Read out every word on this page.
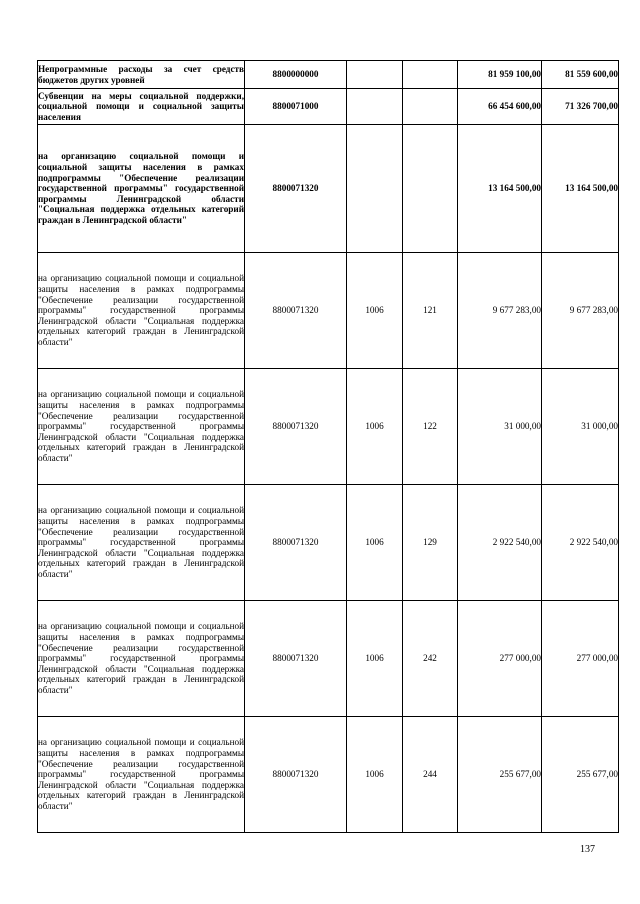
Непрограммные расходы за счет средств бюджетов других уровней	8800000000			81 959 100,00	81 559 600,00

Субвенции на меры социальной поддержки, социальной помощи и социальной защиты населения	8800071000			66 454 600,00	71 326 700,00

на организацию социальной помощи и социальной защиты населения в рамках подпрограммы "Обеспечение реализации государственной программы" государственной программы Ленинградской области "Социальная поддержка отдельных категорий граждан в Ленинградской области"	8800071320			13 164 500,00	13 164 500,00

на организацию социальной помощи и социальной защиты населения в рамках подпрограммы "Обеспечение реализации государственной программы" государственной программы Ленинградской области "Социальная поддержка отдельных категорий граждан в Ленинградской области"	8800071320	1006	121	9 677 283,00	9 677 283,00

на организацию социальной помощи и социальной защиты населения в рамках подпрограммы "Обеспечение реализации государственной программы" государственной программы Ленинградской области "Социальная поддержка отдельных категорий граждан в Ленинградской области"	8800071320	1006	122	31 000,00	31 000,00

на организацию социальной помощи и социальной защиты населения в рамках подпрограммы "Обеспечение реализации государственной программы" государственной программы Ленинградской области "Социальная поддержка отдельных категорий граждан в Ленинградской области"	8800071320	1006	129	2 922 540,00	2 922 540,00

на организацию социальной помощи и социальной защиты населения в рамках подпрограммы "Обеспечение реализации государственной программы" государственной программы Ленинградской области "Социальная поддержка отдельных категорий граждан в Ленинградской области"	8800071320	1006	242	277 000,00	277 000,00

на организацию социальной помощи и социальной защиты населения в рамках подпрограммы "Обеспечение реализации государственной программы" государственной программы Ленинградской области "Социальная поддержка отдельных категорий граждан в Ленинградской области"	8800071320	1006	244	255 677,00	255 677,00
137
